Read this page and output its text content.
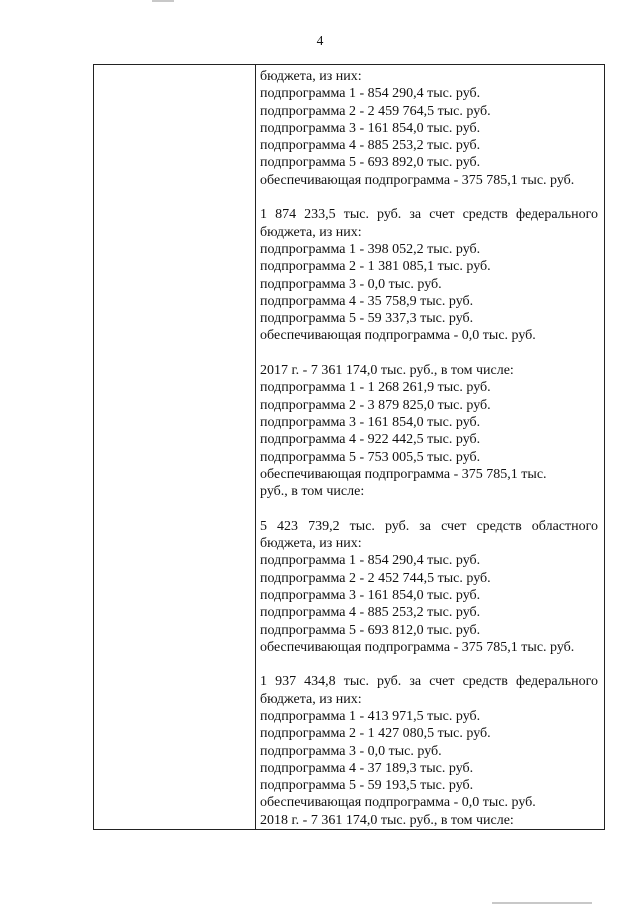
4
бюджета, из них:
подпрограмма 1 - 854 290,4 тыс. руб.
подпрограмма 2 - 2 459 764,5 тыс. руб.
подпрограмма 3 - 161 854,0 тыс. руб.
подпрограмма 4 - 885 253,2 тыс. руб.
подпрограмма 5 - 693 892,0 тыс. руб.
обеспечивающая подпрограмма - 375 785,1 тыс. руб.
1 874 233,5 тыс. руб. за счет средств федерального
бюджета, из них:
подпрограмма 1 - 398 052,2 тыс. руб.
подпрограмма 2 - 1 381 085,1 тыс. руб.
подпрограмма 3 - 0,0 тыс. руб.
подпрограмма 4 - 35 758,9 тыс. руб.
подпрограмма 5 - 59 337,3 тыс. руб.
обеспечивающая подпрограмма - 0,0 тыс. руб.
2017 г. - 7 361 174,0 тыс. руб., в том числе:
подпрограмма 1 - 1 268 261,9 тыс. руб.
подпрограмма 2 - 3 879 825,0 тыс. руб.
подпрограмма 3 - 161 854,0 тыс. руб.
подпрограмма 4 - 922 442,5 тыс. руб.
подпрограмма 5 - 753 005,5 тыс. руб.
обеспечивающая подпрограмма - 375 785,1 тыс.
руб., в том числе:
5 423 739,2 тыс. руб. за счет средств областного
бюджета, из них:
подпрограмма 1 - 854 290,4 тыс. руб.
подпрограмма 2 - 2 452 744,5 тыс. руб.
подпрограмма 3 - 161 854,0 тыс. руб.
подпрограмма 4 - 885 253,2 тыс. руб.
подпрограмма 5 - 693 812,0 тыс. руб.
обеспечивающая подпрограмма - 375 785,1 тыс. руб.
1 937 434,8 тыс. руб. за счет средств федерального
бюджета, из них:
подпрограмма 1 - 413 971,5 тыс. руб.
подпрограмма 2 - 1 427 080,5 тыс. руб.
подпрограмма 3 - 0,0 тыс. руб.
подпрограмма 4 - 37 189,3 тыс. руб.
подпрограмма 5 - 59 193,5 тыс. руб.
обеспечивающая подпрограмма - 0,0 тыс. руб.
2018 г. - 7 361 174,0 тыс. руб., в том числе:
